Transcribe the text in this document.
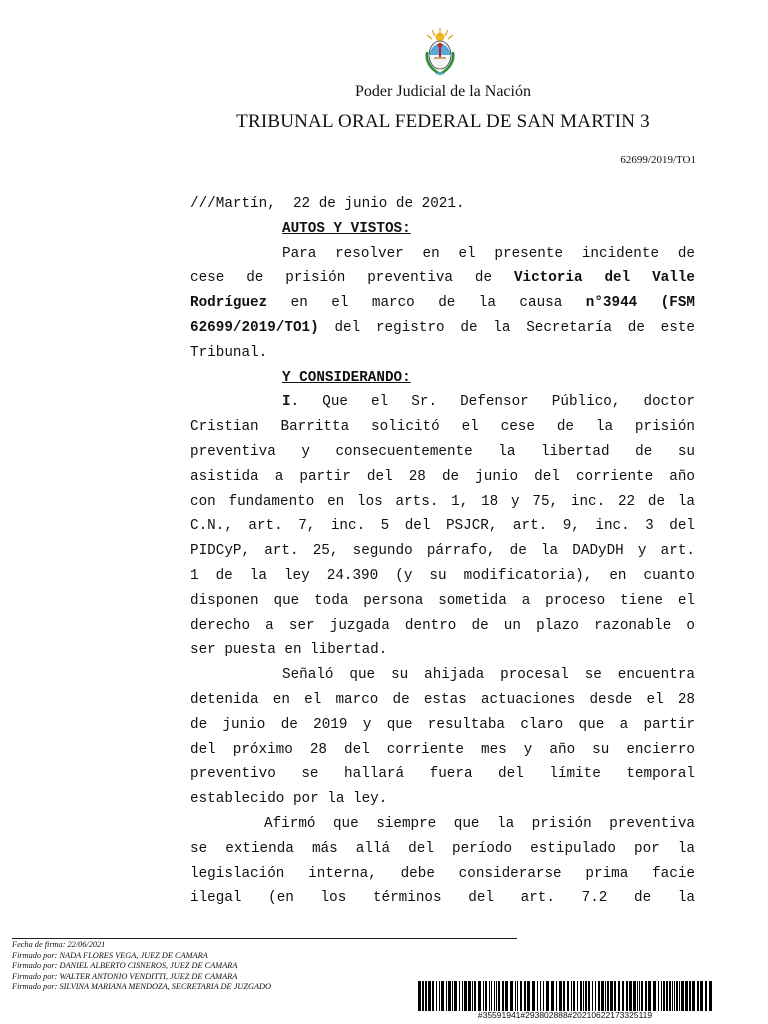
Poder Judicial de la Nación
TRIBUNAL ORAL FEDERAL DE SAN MARTIN 3
62699/2019/TO1
///Martín,  22 de junio de 2021.
AUTOS Y VISTOS:
Para resolver en el presente incidente de
cese de prisión preventiva de Victoria del Valle
Rodríguez en el marco de la causa n°3944 (FSM
62699/2019/TO1) del registro de la Secretaría de este
Tribunal.
Y CONSIDERANDO:
I. Que el Sr. Defensor Público, doctor
Cristian Barritta solicitó el cese de la prisión
preventiva y consecuentemente la libertad de su
asistida a partir del 28 de junio del corriente año
con fundamento en los arts. 1, 18 y 75, inc. 22 de la
C.N., art. 7, inc. 5 del PSJCR, art. 9, inc. 3 del
PIDCyP, art. 25, segundo párrafo, de la DADyDH y art.
1 de la ley 24.390 (y su modificatoria), en cuanto
disponen que toda persona sometida a proceso tiene el
derecho a ser juzgada dentro de un plazo razonable o
ser puesta en libertad.
Señaló que su ahijada procesal se encuentra
detenida en el marco de estas actuaciones desde el 28
de junio de 2019 y que resultaba claro que a partir
del próximo 28 del corriente mes y año su encierro
preventivo se hallará fuera del límite temporal
establecido por la ley.
Afirmó que siempre que la prisión preventiva
se extienda más allá del período estipulado por la
legislación interna, debe considerarse prima facie
ilegal (en los términos del art. 7.2 de la
Fecha de firma: 22/06/2021
Firmado por: NADA FLORES VEGA, JUEZ DE CAMARA
Firmado por: DANIEL ALBERTO CISNEROS, JUEZ DE CAMARA
Firmado por: WALTER ANTONIO VENDITTI, JUEZ DE CAMARA
Firmado por: SILVINA MARIANA MENDOZA, SECRETARIA DE JUZGADO
#35591941#293802888#20210622173325119
